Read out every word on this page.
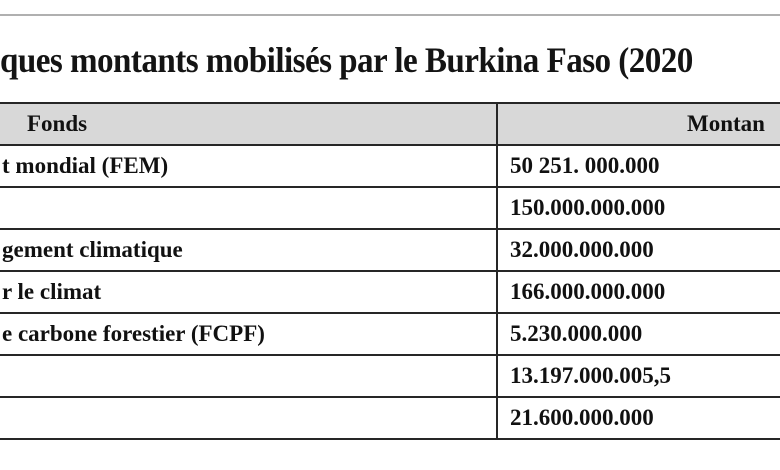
ques montants mobilisés par le Burkina Faso (2020
Fonds	Montan
t mondial (FEM)	50 251. 000.000
	150.000.000.000
gement climatique	32.000.000.000
r le climat	166.000.000.000
e carbone forestier (FCPF)	5.230.000.000
	13.197.000.005,5
	21.600.000.000
